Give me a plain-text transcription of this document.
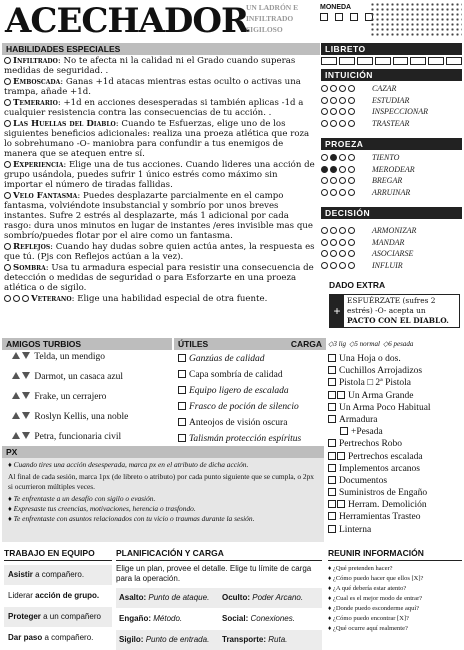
ACECHADOR
UN LADRÓN E
INFILTRADO
SIGILOSO
MONEDA
HABILIDADES ESPECIALES
Infiltrado: No te afecta ni la calidad ni el Grado cuando superas medidas de seguridad. .
Emboscada: Ganas +1d atacas mientras estas oculto o activas una trampa, añade +1d.
Temerario: +1d en acciones desesperadas si también aplicas -1d a cualquier resistencia contra las consecuencias de tu acción. .
Las Huellas del Diablo: Cuando te Esfuerzas, elige uno de los siguientes beneficios adicionales: realiza una proeza atlética que roza lo sobrehumano -O- maniobra para confundir a tus enemigos de manera que se atequen entre sí.
Experiencia: Elige una de tus acciones. Cuando lideres una acción de grupo usándola, puedes sufrir 1 único estrés como máximo sin importar el número de tiradas fallidas.
Velo Fantasma: Puedes desplazarte parcialmente en el campo fantasma, volviéndote insubstancial y sombrío por unos breves instantes. Sufre 2 estrés al desplazarte, más 1 adicional por cada rasgo: dura unos minutos en lugar de instantes /eres invisible mas que sombrío/puedes flotar por el aire como un fantasma.
Reflejos: Cuando hay dudas sobre quien actúa antes, la respuesta es que tú. (Pjs con Reflejos actúan a la vez).
Sombra: Usa tu armadura especial para resistir una consecuencia de detección o medidas de seguridad o para Esforzarte en una proeza atlética o de sigilo.
Veterano: Elige una habilidad especial de otra fuente.
LIBRETO
INTUICIÓN
CAZAR
ESTUDIAR
INSPECCIONAR
TRASTEAR
PROEZA
TIENTO
MERODEAR
BREGAR
ARRUINAR
DECISIÓN
ARMONIZAR
MANDAR
ASOCIARSE
INFLUIR
DADO EXTRA
+
ESFUÉRZATE (sufres 2
estrés) -O- acepta un
PACTO CON EL DIABLO.
AMIGOS TURBIOS	ÚTILES	CARGA ◇3 lig ◇5 normal ◇6 pesada
Telda, un mendigo
Darmot, un casaca azul
Frake, un cerrajero
Roslyn Kellis, una noble
Petra, funcionaria civil
Ganzúas de calidad
Capa sombría de calidad
Equipo ligero de escalada
Frasco de poción de silencio
Anteojos de visión oscura
Talismán protección espíritus
Una Hoja o dos.
Cuchillos Arrojadizos
Pistola □ 2ª Pistola
Un Arma Grande
Un Arma Poco Habitual
Armadura
+Pesada
Pertrechos Robo
Pertrechos escalada
Implementos arcanos
Documentos
Suministros de Engaño
Herram. Demolición
Herramientas Trasteo
Linterna
PX
♦ Cuando tires una acción desesperada, marca px en el atributo de dicha acción.
Al final de cada sesión, marca 1px (de libreto o atributo) por cada punto siguiente que se cumpla, o 2px si ocurrieron múltiples veces.
♦ Te enfrentaste a un desafío con sigilo o evasión.
♦ Expresaste tus creencias, motivaciones, herencia o trasfondo.
♦ Te enfrentaste con asuntos relacionados con tu vicio o traumas durante la sesión.
TRABAJO EN EQUIPO
Asistir a compañero.
Liderar acción de grupo.
Proteger a un compañero
Dar paso a compañero.
PLANIFICACIÓN Y CARGA
Elige un plan, provee el detalle. Elige tu límite de carga para la operación.
Asalto: Punto de ataque.	Oculto: Poder Arcano.
Engaño: Método.	Social: Conexiones.
Sigilo: Punto de entrada.	Transporte: Ruta.
REUNIR INFORMACIÓN
♦ ¿Qué pretenden hacer?
♦ ¿Cómo puedo hacer que ellos [X]?
♦ ¿A qué debería estar atento?
♦ ¿Cual es el mejor modo de entrar?
♦ ¿Donde puedo esconderme aquí?
♦ ¿Cómo puedo encontrar [X]?
♦ ¿Qué ocurre aquí realmente?
